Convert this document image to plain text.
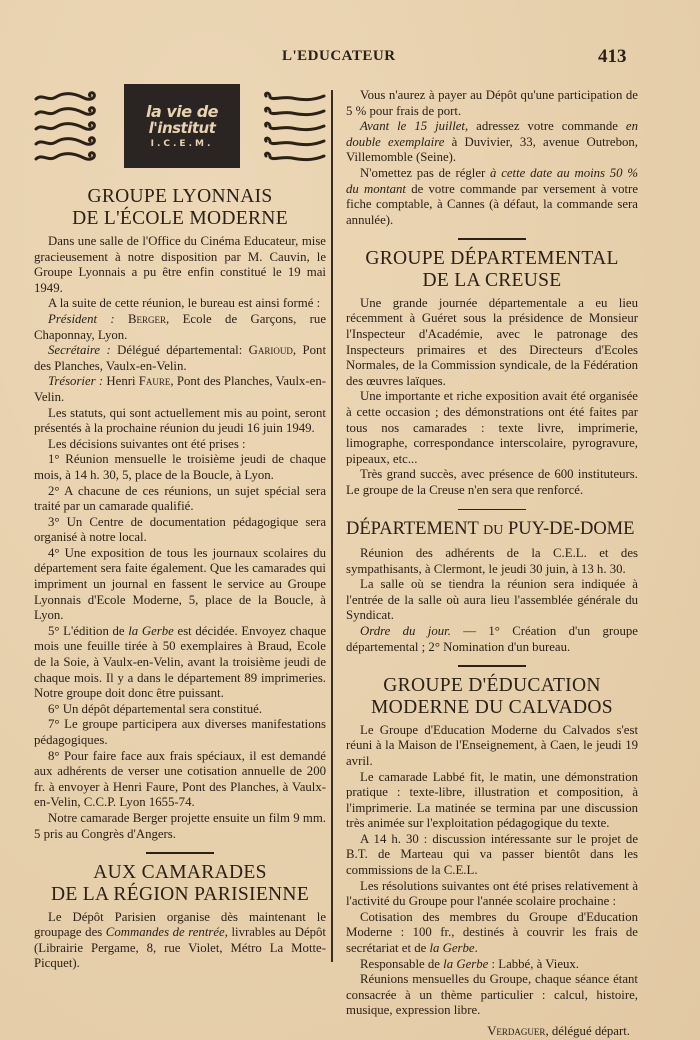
L'EDUCATEUR	413
la vie de
l'institut
I.C.E.M.
GROUPE LYONNAIS
DE L'ÉCOLE MODERNE

Dans une salle de l'Office du Cinéma Educateur, mise gracieusement à notre disposition par M. Cauvin, le Groupe Lyonnais a pu être enfin constitué le 19 mai 1949.

A la suite de cette réunion, le bureau est ainsi formé :

Président : Berger, Ecole de Garçons, rue Chaponnay, Lyon.

Secrétaire : Délégué départemental: Garioud, Pont des Planches, Vaulx-en-Velin.

Trésorier : Henri Faure, Pont des Planches, Vaulx-en-Velin.

Les statuts, qui sont actuellement mis au point, seront présentés à la prochaine réunion du jeudi 16 juin 1949.

Les décisions suivantes ont été prises :

1° Réunion mensuelle le troisième jeudi de chaque mois, à 14 h. 30, 5, place de la Boucle, à Lyon.

2° A chacune de ces réunions, un sujet spécial sera traité par un camarade qualifié.

3° Un Centre de documentation pédagogique sera organisé à notre local.

4° Une exposition de tous les journaux scolaires du département sera faite également. Que les camarades qui impriment un journal en fassent le service au Groupe Lyonnais d'Ecole Moderne, 5, place de la Boucle, à Lyon.

5° L'édition de la Gerbe est décidée. Envoyez chaque mois une feuille tirée à 50 exemplaires à Braud, Ecole de la Soie, à Vaulx-en-Velin, avant la troisième jeudi de chaque mois. Il y a dans le département 89 imprimeries. Notre groupe doit donc être puissant.

6° Un dépôt départemental sera constitué.

7° Le groupe participera aux diverses manifestations pédagogiques.

8° Pour faire face aux frais spéciaux, il est demandé aux adhérents de verser une cotisation annuelle de 200 fr. à envoyer à Henri Faure, Pont des Planches, à Vaulx-en-Velin, C.C.P. Lyon 1655-74.

Notre camarade Berger projette ensuite un film 9 mm. 5 pris au Congrès d'Angers.

AUX CAMARADES
DE LA RÉGION PARISIENNE

Le Dépôt Parisien organise dès maintenant le groupage des Commandes de rentrée, livrables au Dépôt (Librairie Pergame, 8, rue Violet, Métro La Motte-Picquet).

Vous n'aurez à payer au Dépôt qu'une participation de 5 % pour frais de port.

Avant le 15 juillet, adressez votre commande en double exemplaire à Duvivier, 33, avenue Outrebon, Villemomble (Seine).

N'omettez pas de régler à cette date au moins 50 % du montant de votre commande par versement à votre fiche comptable, à Cannes (à défaut, la commande sera annulée).

GROUPE DÉPARTEMENTAL
DE LA CREUSE

Une grande journée départementale a eu lieu récemment à Guéret sous la présidence de Monsieur l'Inspecteur d'Académie, avec le patronage des Inspecteurs primaires et des Directeurs d'Ecoles Normales, de la Commission syndicale, de la Fédération des œuvres laïques.

Une importante et riche exposition avait été organisée à cette occasion ; des démonstrations ont été faites par tous nos camarades : texte livre, imprimerie, limographe, correspondance interscolaire, pyrogravure, pipeaux, etc...

Très grand succès, avec présence de 600 instituteurs. Le groupe de la Creuse n'en sera que renforcé.

DÉPARTEMENT DU PUY-DE-DOME

Réunion des adhérents de la C.E.L. et des sympathisants, à Clermont, le jeudi 30 juin, à 13 h. 30.

La salle où se tiendra la réunion sera indiquée à l'entrée de la salle où aura lieu l'assemblée générale du Syndicat.

Ordre du jour. — 1° Création d'un groupe départemental ; 2° Nomination d'un bureau.

GROUPE D'ÉDUCATION
MODERNE DU CALVADOS

Le Groupe d'Education Moderne du Calvados s'est réuni à la Maison de l'Enseignement, à Caen, le jeudi 19 avril.

Le camarade Labbé fit, le matin, une démonstration pratique : texte-libre, illustration et composition, à l'imprimerie. La matinée se termina par une discussion très animée sur l'exploitation pédagogique du texte.

A 14 h. 30 : discussion intéressante sur le projet de B.T. de Marteau qui va passer bientôt dans les commissions de la C.E.L.

Les résolutions suivantes ont été prises relativement à l'activité du Groupe pour l'année scolaire prochaine :

Cotisation des membres du Groupe d'Education Moderne : 100 fr., destinés à couvrir les frais de secrétariat et de la Gerbe.

Responsable de la Gerbe : Labbé, à Vieux.

Réunions mensuelles du Groupe, chaque séance étant consacrée à un thème particulier : calcul, histoire, musique, expression libre.

Verdaguer, délégué départ.
